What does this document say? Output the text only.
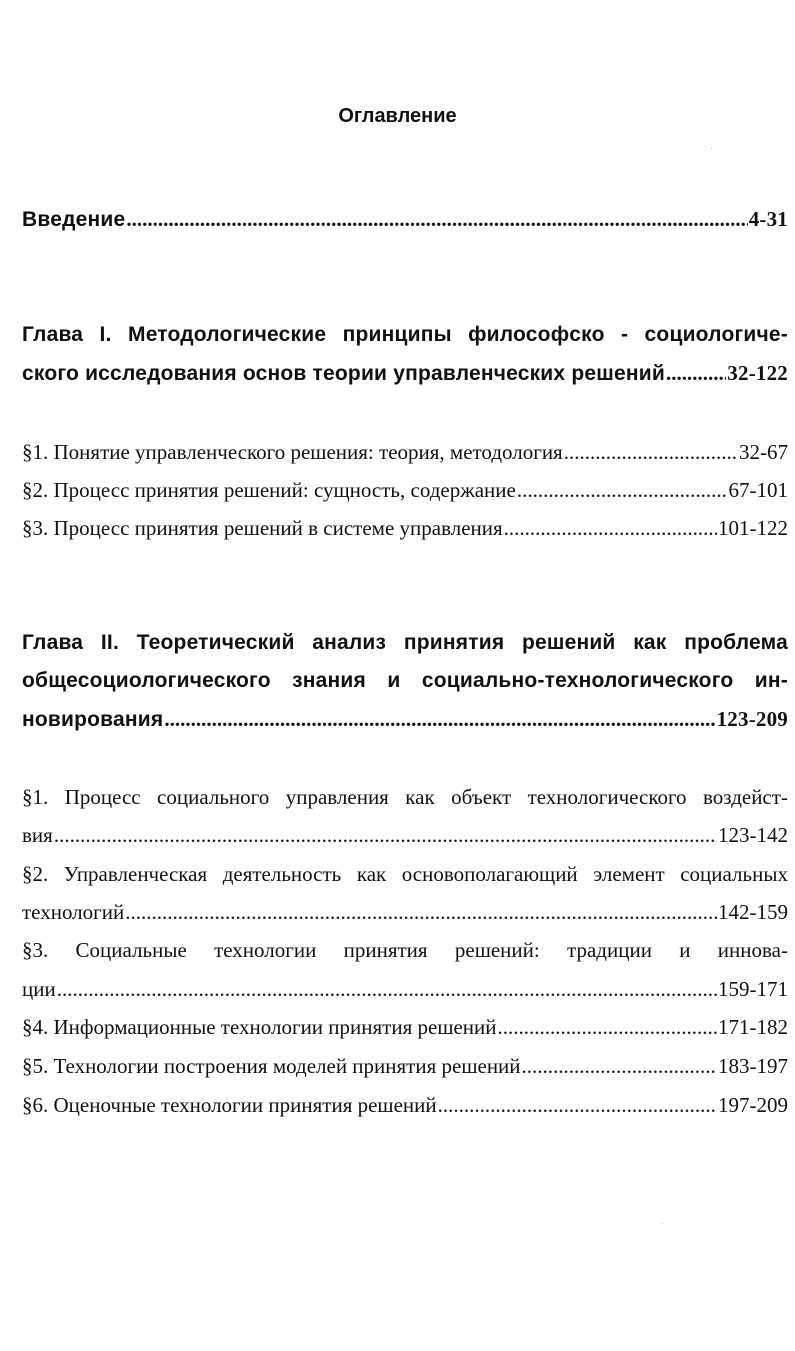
Оглавление
Введение .....	4-31
Глава I. Методологические принципы философско - социологиче-
ского исследования основ теории управленческих решений .....	32-122
§1. Понятие управленческого решения: теория, методология .....	32-67
§2. Процесс принятия решений: сущность, содержание .....	67-101
§3. Процесс принятия решений в системе управления .....	101-122
Глава II. Теоретический анализ принятия решений как проблема
общесоциологического знания и социально-технологического ин-
новирования .....	123-209
§1. Процесс социального управления как объект технологического воздейст-
вия .....	123-142
§2. Управленческая деятельность как основополагающий элемент социальных
технологий .....	142-159
§3. Социальные технологии принятия решений: традиции и иннова-
ции .....	159-171
§4. Информационные технологии принятия решений .....	171-182
§5. Технологии построения моделей принятия решений .....	183-197
§6. Оценочные технологии принятия решений .....	197-209
